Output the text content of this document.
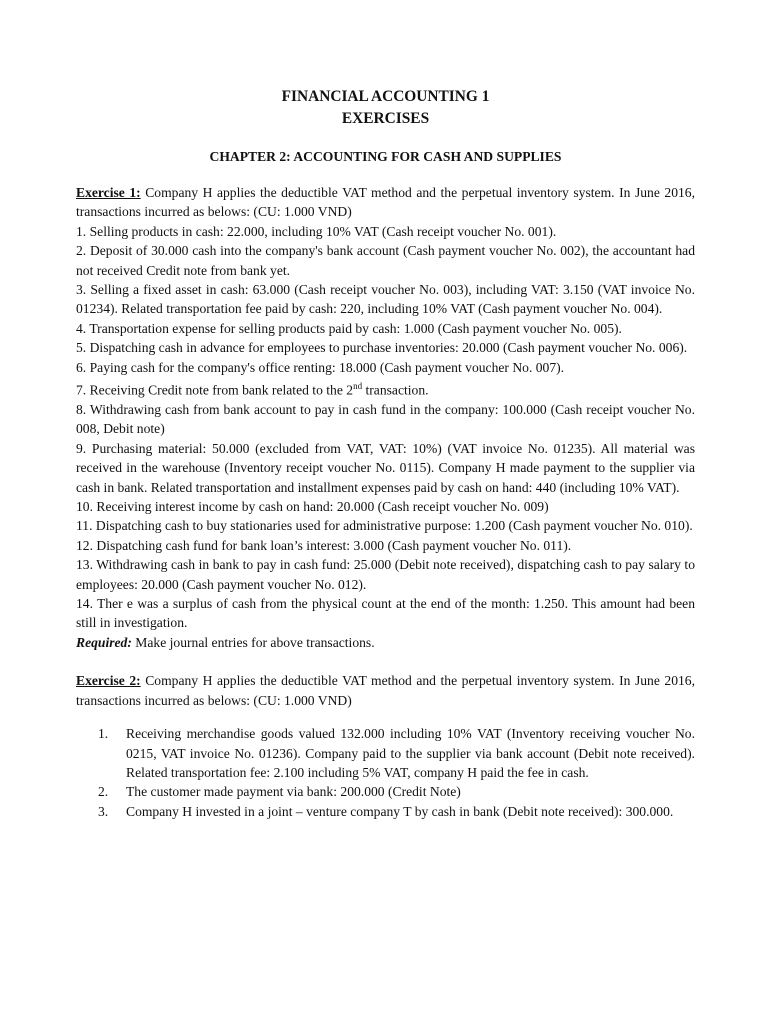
FINANCIAL ACCOUNTING 1
EXERCISES
CHAPTER 2: ACCOUNTING FOR CASH AND SUPPLIES

Exercise 1: Company H applies the deductible VAT method and the perpetual inventory system. In June 2016, transactions incurred as belows: (CU: 1.000 VND)

1. Selling products in cash: 22.000, including 10% VAT (Cash receipt voucher No. 001).

2. Deposit of 30.000 cash into the company's bank account (Cash payment voucher No. 002), the accountant had not received Credit note from bank yet.

3. Selling a fixed asset in cash: 63.000 (Cash receipt voucher No. 003), including VAT: 3.150 (VAT invoice No. 01234). Related transportation fee paid by cash: 220, including 10% VAT (Cash payment voucher No. 004).

4. Transportation expense for selling products paid by cash: 1.000 (Cash payment voucher No. 005).

5. Dispatching cash in advance for employees to purchase inventories: 20.000 (Cash payment voucher No. 006).

6. Paying cash for the company's office renting: 18.000 (Cash payment voucher No. 007).

7. Receiving Credit note from bank related to the 2nd transaction.

8. Withdrawing cash from bank account to pay in cash fund in the company: 100.000 (Cash receipt voucher No. 008, Debit note)

9. Purchasing material: 50.000 (excluded from VAT, VAT: 10%) (VAT invoice No. 01235). All material was received in the warehouse (Inventory receipt voucher No. 0115). Company H made payment to the supplier via cash in bank. Related transportation and installment expenses paid by cash on hand: 440 (including 10% VAT).

10. Receiving interest income by cash on hand: 20.000 (Cash receipt voucher No. 009)

11. Dispatching cash to buy stationaries used for administrative purpose: 1.200 (Cash payment voucher No. 010).

12. Dispatching cash fund for bank loan’s interest: 3.000 (Cash payment voucher No. 011).

13. Withdrawing cash in bank to pay in cash fund: 25.000 (Debit note received), dispatching cash to pay salary to employees: 20.000 (Cash payment voucher No. 012).

14. Ther e was a surplus of cash from the physical count at the end of the month: 1.250. This amount had been still in investigation.

Required: Make journal entries for above transactions.

Exercise 2: Company H applies the deductible VAT method and the perpetual inventory system. In June 2016, transactions incurred as belows: (CU: 1.000 VND)

1. Receiving merchandise goods valued 132.000 including 10% VAT (Inventory receiving voucher No. 0215, VAT invoice No. 01236). Company paid to the supplier via bank account (Debit note received). Related transportation fee: 2.100 including 5% VAT, company H paid the fee in cash.
2. The customer made payment via bank: 200.000 (Credit Note)
3. Company H invested in a joint – venture company T by cash in bank (Debit note received): 300.000.
